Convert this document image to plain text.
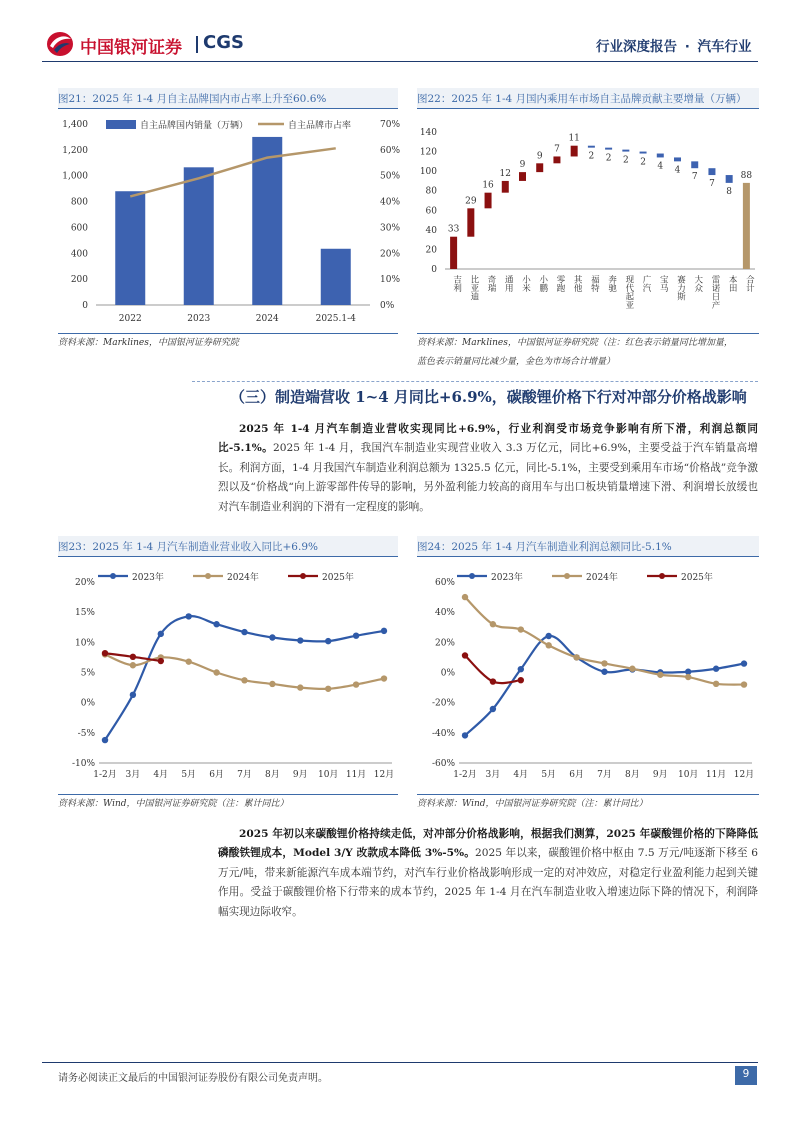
中国银河证券 CGS	行业深度报告 · 汽车行业
图21：2025 年 1-4 月自主品牌国内市占率上升至60.6%
0
200
400
600
800
1,000
1,200
1,400
0%
10%
20%
30%
40%
50%
60%
70%
2022	2023	2024	2025.1-4
自主品牌国内销量（万辆）	自主品牌市占率
资料来源：Marklines，中国银河证券研究院
图22：2025 年 1-4 月国内乘用车市场自主品牌贡献主要增量（万辆）
0
20
40
60
80
100
120
140
33
吉利
29
比亚迪
16
奇瑞
12
通用
9
小米
9
小鹏
7
零跑
11
其他
2
福特
2
奔驰
2
现代起亚
2
广汽
4
宝马
4
赛力斯
7
大众
7
雷诺日产
8
本田
88
合计
资料来源：Marklines，中国银河证券研究院（注：红色表示销量同比增加量，
蓝色表示销量同比减少量，金色为市场合计增量）
（三）制造端营收 1~4 月同比+6.9%，碳酸锂价格下行对冲部分价格战影响
2025 年 1-4 月汽车制造业营收实现同比+6.9%，行业利润受市场竞争影响有所下滑，利润总额同比-5.1%。2025 年 1-4 月，我国汽车制造业实现营业收入 3.3 万亿元，同比+6.9%，主要受益于汽车销量高增长。利润方面，1-4 月我国汽车制造业利润总额为 1325.5 亿元，同比-5.1%，主要受到乘用车市场“价格战”竞争激烈以及“价格战“向上游零部件传导的影响，另外盈利能力较高的商用车与出口板块销量增速下滑、利润增长放缓也对汽车制造业利润的下滑有一定程度的影响。
图23：2025 年 1-4 月汽车制造业营业收入同比+6.9%
-10%
-5%
0%
5%
10%
15%
20%
1-2月 3月 4月 5月 6月 7月 8月 9月 10月 11月 12月
2023年	2024年	2025年
资料来源：Wind，中国银河证券研究院（注：累计同比）
图24：2025 年 1-4 月汽车制造业利润总额同比-5.1%
-60%
-40%
-20%
0%
20%
40%
60%
1-2月 3月 4月 5月 6月 7月 8月 9月 10月 11月 12月
2023年	2024年	2025年
资料来源：Wind，中国银河证券研究院（注：累计同比）
2025 年初以来碳酸锂价格持续走低，对冲部分价格战影响，根据我们测算，2025 年碳酸锂价格的下降降低磷酸铁锂成本，Model 3/Y 改款成本降低 3%-5%。2025 年以来，碳酸锂价格中枢由 7.5 万元/吨逐渐下移至 6 万元/吨，带来新能源汽车成本端节约，对汽车行业价格战影响形成一定的对冲效应，对稳定行业盈利能力起到关键作用。受益于碳酸锂价格下行带来的成本节约，2025 年 1-4 月在汽车制造业收入增速边际下降的情况下，利润降幅实现边际收窄。
请务必阅读正文最后的中国银河证券股份有限公司免责声明。	9
